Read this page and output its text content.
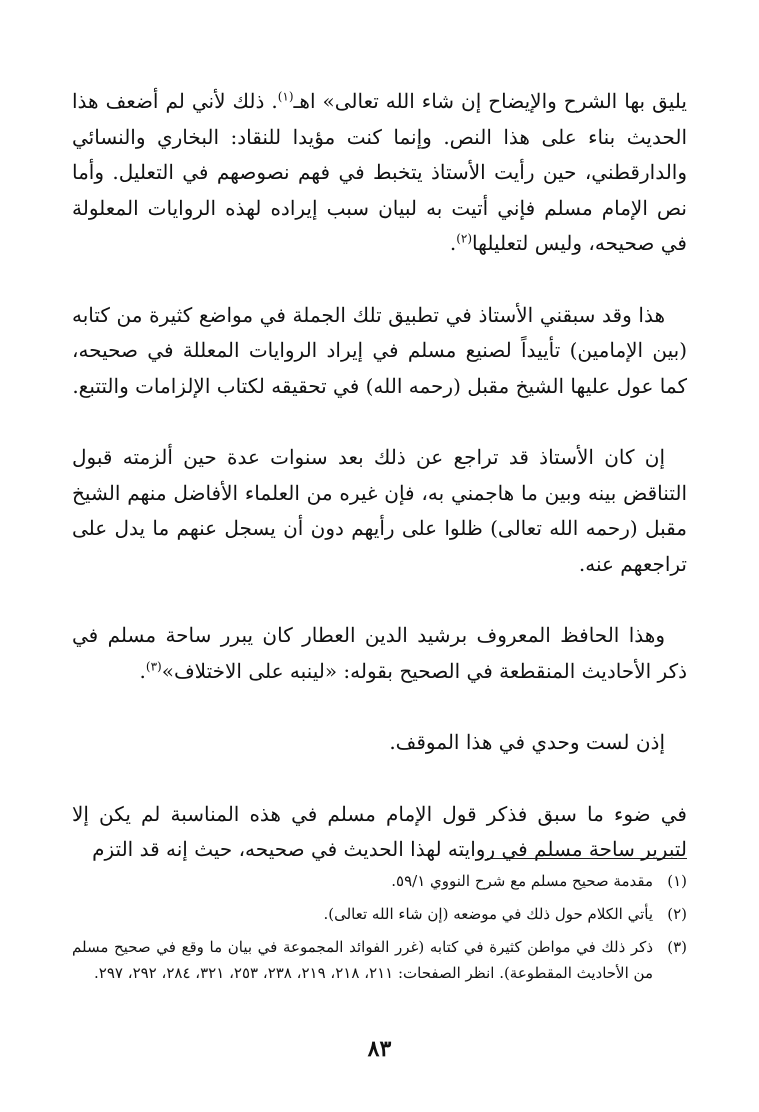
يليق بها الشرح والإيضاح إن شاء الله تعالى» اهـ$^{(١)}$. ذلك لأني لم أضعف هذا الحديث بناء على هذا النص. وإنما كنت مؤيدا للنقاد: البخاري والنسائي والدارقطني، حين رأيت الأستاذ يتخبط في فهم نصوصهم في التعليل. وأما نص الإمام مسلم فإني أتيت به لبيان سبب إيراده لهذه الروايات المعلولة في صحيحه، وليس لتعليلها$^{(٢)}$.

هذا وقد سبقني الأستاذ في تطبيق تلك الجملة في مواضع كثيرة من كتابه (بين الإمامين) تأييداً لصنيع مسلم في إيراد الروايات المعللة في صحيحه، كما عول عليها الشيخ مقبل (رحمه الله) في تحقيقه لكتاب الإلزامات والتتبع.

إن كان الأستاذ قد تراجع عن ذلك بعد سنوات عدة حين ألزمته قبول التناقض بينه وبين ما هاجمني به، فإن غيره من العلماء الأفاضل منهم الشيخ مقبل (رحمه الله تعالى) ظلوا على رأيهم دون أن يسجل عنهم ما يدل على تراجعهم عنه.

وهذا الحافظ المعروف برشيد الدين العطار كان يبرر ساحة مسلم في ذكر الأحاديث المنقطعة في الصحيح بقوله: «لينبه على الاختلاف»$^{(٣)}$.

إذن لست وحدي في هذا الموقف.

في ضوء ما سبق فذكر قول الإمام مسلم في هذه المناسبة لم يكن إلا لتبرير ساحة مسلم في روايته لهذا الحديث في صحيحه، حيث إنه قد التزم

(١)
مقدمة صحيح مسلم مع شرح النووي ٥٩/١.
(٢)
يأتي الكلام حول ذلك في موضعه (إن شاء الله تعالى).
(٣)
ذكر ذلك في مواطن كثيرة في كتابه (غرر الفوائد المجموعة في بيان ما وقع في صحيح مسلم من الأحاديث المقطوعة). انظر الصفحات: ٢١١، ٢١٨، ٢١٩، ٢٣٨، ٢٥٣، ٣٢١، ٢٨٤، ٢٩٢، ٢٩٧.
٨٣
